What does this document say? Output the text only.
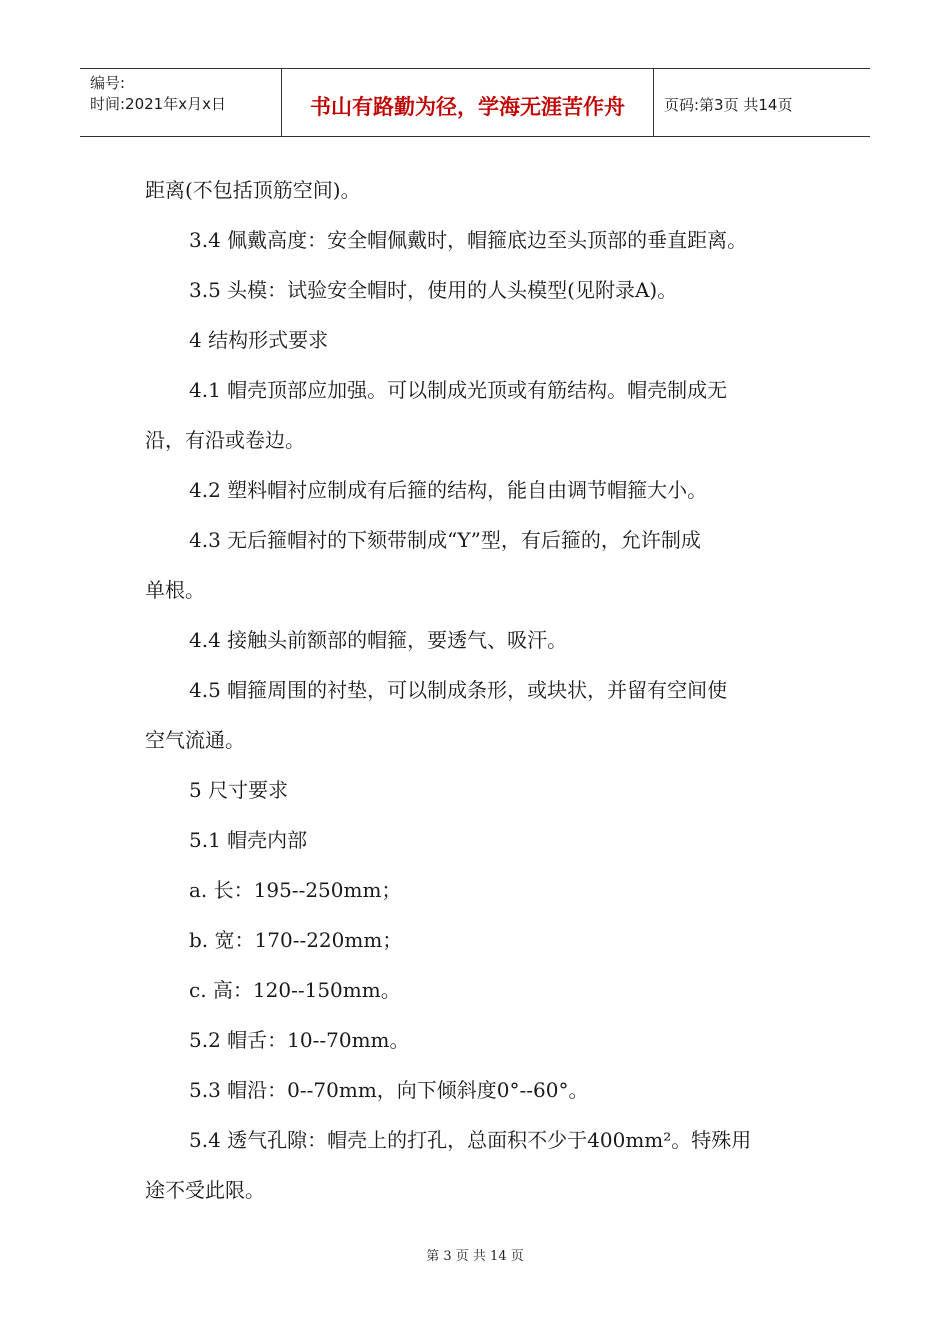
编号:
时间:2021年x月x日	书山有路勤为径，学海无涯苦作舟	页码:第3页 共14页

距离(不包括顶筋空间)。

3.4 佩戴高度：安全帽佩戴时，帽箍底边至头顶部的垂直距离。

3.5 头模：试验安全帽时，使用的人头模型(见附录A)。

4 结构形式要求

4.1 帽壳顶部应加强。可以制成光顶或有筋结构。帽壳制成无

沿，有沿或卷边。

4.2 塑料帽衬应制成有后箍的结构，能自由调节帽箍大小。

4.3 无后箍帽衬的下颏带制成“Y”型，有后箍的，允许制成

单根。

4.4 接触头前额部的帽箍，要透气、吸汗。

4.5 帽箍周围的衬垫，可以制成条形，或块状，并留有空间使

空气流通。

5 尺寸要求

5.1 帽壳内部

a. 长：195--250mm；

b. 宽：170--220mm；

c. 高：120--150mm。

5.2 帽舌：10--70mm。

5.3 帽沿：0--70mm，向下倾斜度0°--60°。

5.4 透气孔隙：帽壳上的打孔，总面积不少于400mm²。特殊用

途不受此限。

第 3 页 共 14 页
